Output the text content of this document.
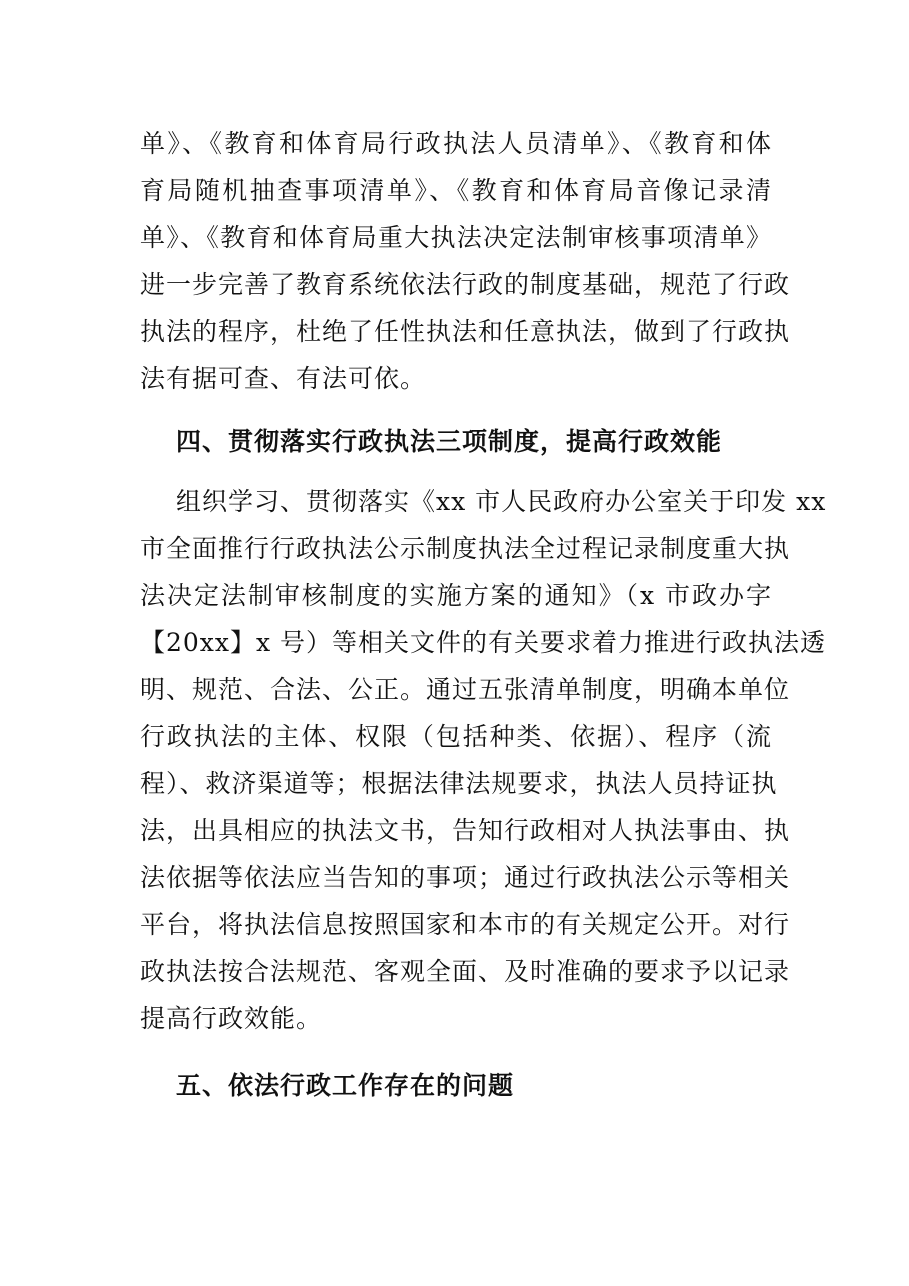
单》、《教育和体育局行政执法人员清单》、《教育和体
育局随机抽查事项清单》、《教育和体育局音像记录清
单》、《教育和体育局重大执法决定法制审核事项清单》
进一步完善了教育系统依法行政的制度基础，规范了行政
执法的程序，杜绝了任性执法和任意执法，做到了行政执
法有据可查、有法可依。
四、贯彻落实行政执法三项制度，提高行政效能
组织学习、贯彻落实《xx 市人民政府办公室关于印发 xx
市全面推行行政执法公示制度执法全过程记录制度重大执
法决定法制审核制度的实施方案的通知》（x 市政办字
【20xx】x 号）等相关文件的有关要求着力推进行政执法透
明、规范、合法、公正。通过五张清单制度，明确本单位
行政执法的主体、权限（包括种类、依据）、程序（流
程）、救济渠道等；根据法律法规要求，执法人员持证执
法，出具相应的执法文书，告知行政相对人执法事由、执
法依据等依法应当告知的事项；通过行政执法公示等相关
平台，将执法信息按照国家和本市的有关规定公开。对行
政执法按合法规范、客观全面、及时准确的要求予以记录
提高行政效能。
五、依法行政工作存在的问题
